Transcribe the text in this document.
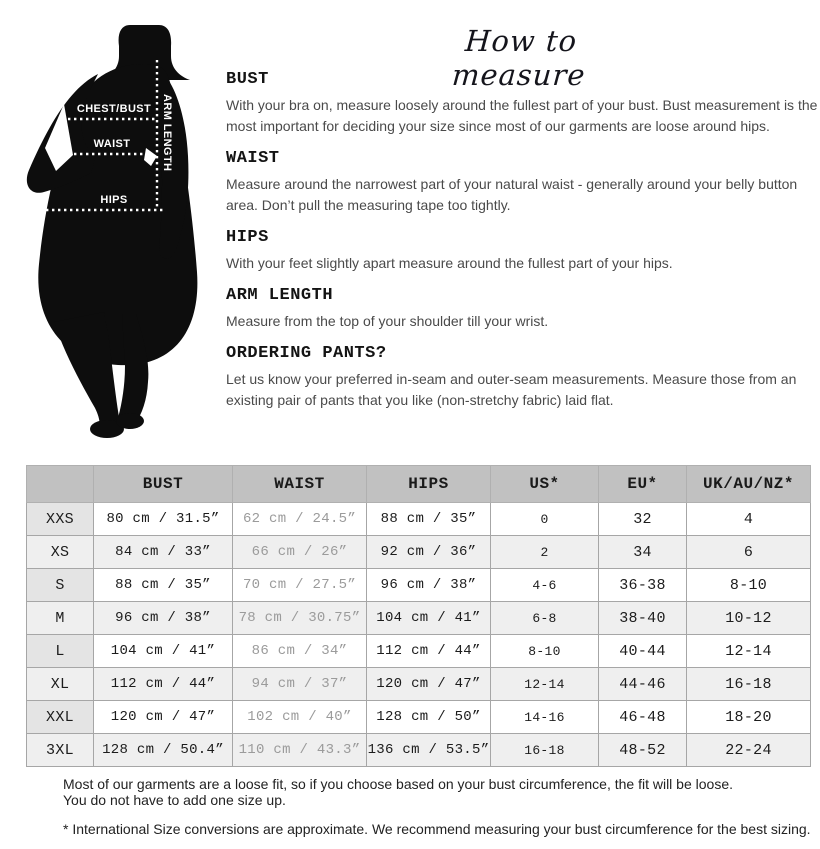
CHEST/BUST
WAIST
HIPS
ARM LENGTH
How to measure
BUST

With your bra on, measure loosely around the fullest part of your bust. Bust measurement is the most important for deciding your size since most of our garments are loose around hips.

WAIST

Measure around the narrowest part of your natural waist - generally around your belly button area. Don’t pull the measuring tape too tightly.

HIPS

With your feet slightly apart measure around the fullest part of your hips.

ARM LENGTH

Measure from the top of your shoulder till your wrist.

ORDERING PANTS?

Let us know your preferred in-seam and outer-seam measurements. Measure those from an existing pair of pants that you like (non-stretchy fabric) laid flat.

	BUST	WAIST	HIPS	US*	EU*	UK/AU/NZ*
XXS	80 cm / 31.5”	62 cm / 24.5”	88 cm / 35”	0	32	4
XS	84 cm / 33”	66 cm / 26”	92 cm / 36”	2	34	6
S	88 cm / 35”	70 cm / 27.5”	96 cm / 38”	4-6	36-38	8-10
M	96 cm / 38”	78 cm / 30.75”	104 cm / 41”	6-8	38-40	10-12
L	104 cm / 41”	86 cm / 34”	112 cm / 44”	8-10	40-44	12-14
XL	112 cm / 44”	94 cm / 37”	120 cm / 47”	12-14	44-46	16-18
XXL	120 cm / 47”	102 cm / 40”	128 cm / 50”	14-16	46-48	18-20
3XL	128 cm / 50.4”	110 cm / 43.3”	136 cm / 53.5”	16-18	48-52	22-24
Most of our garments are a loose fit, so if you choose based on your bust circumference, the fit will be loose.
You do not have to add one size up.
* International Size conversions are approximate. We recommend measuring your bust circumference for the best sizing.
